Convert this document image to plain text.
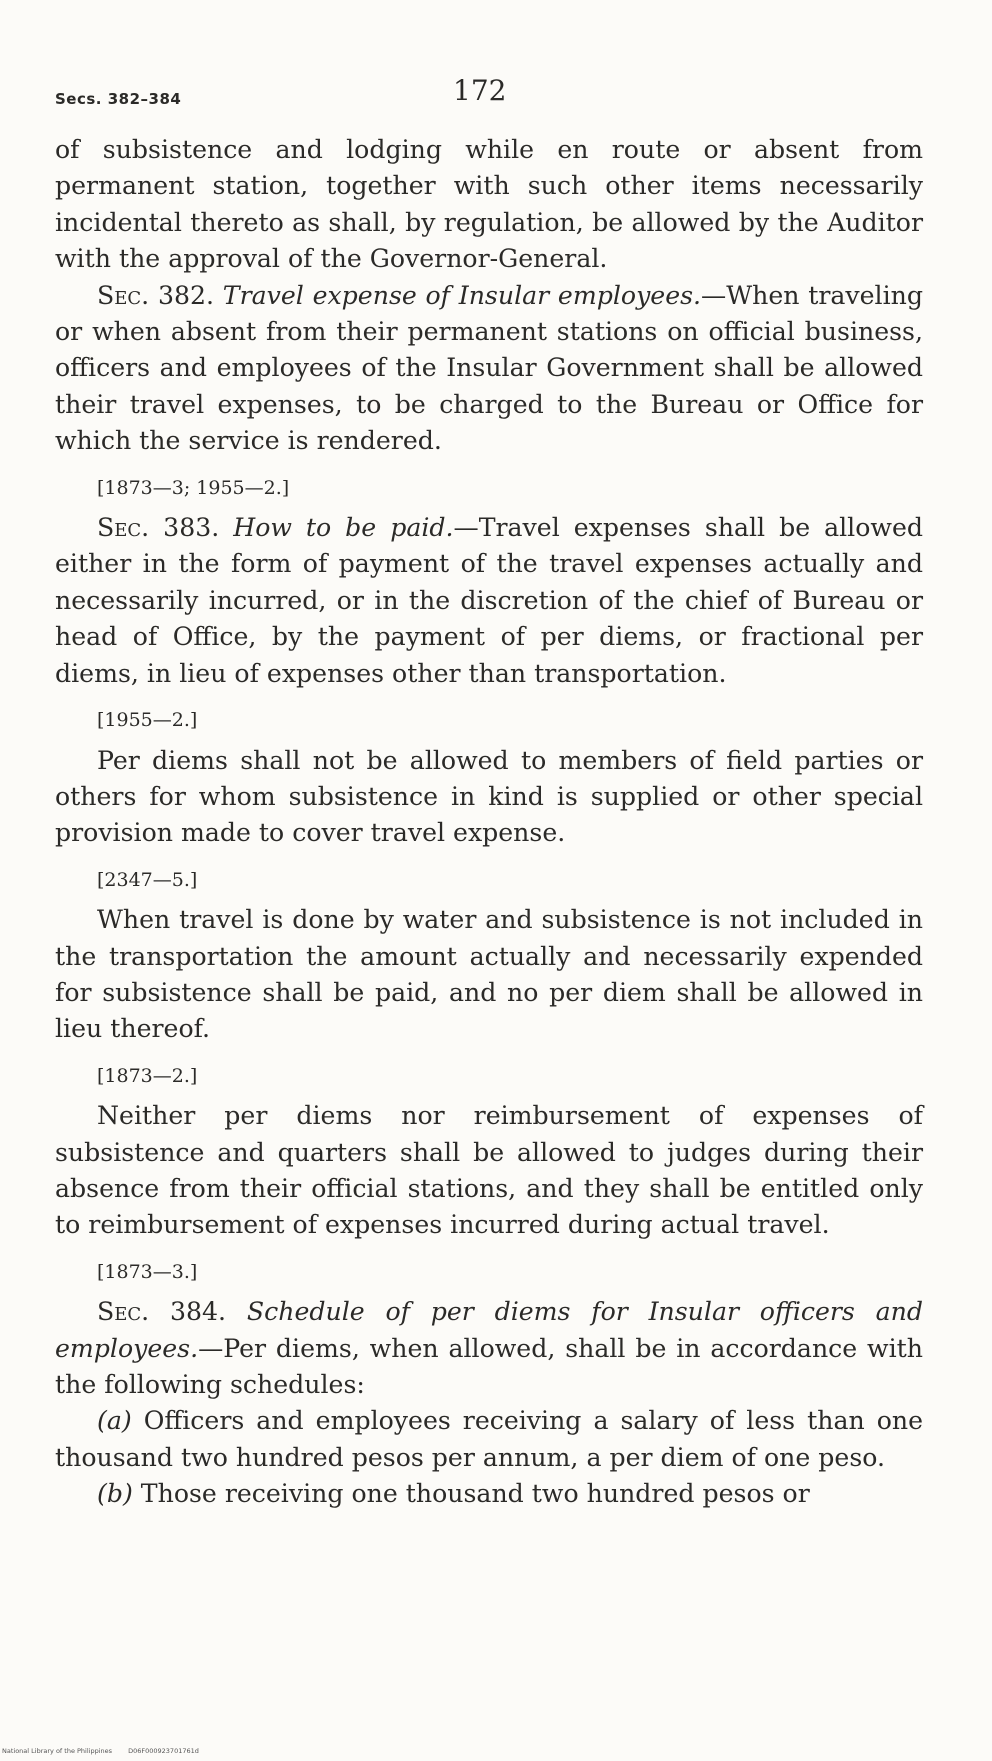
Secs. 382–384	172

of subsistence and lodging while en route or absent from permanent station, together with such other items necessarily incidental thereto as shall, by regulation, be allowed by the Auditor with the approval of the Governor-General.

Sec. 382. Travel expense of Insular employees.—When traveling or when absent from their permanent stations on official business, officers and employees of the Insular Government shall be allowed their travel expenses, to be charged to the Bureau or Office for which the service is rendered.

[1873—3; 1955—2.]

Sec. 383. How to be paid.—Travel expenses shall be allowed either in the form of payment of the travel expenses actually and necessarily incurred, or in the discretion of the chief of Bureau or head of Office, by the payment of per diems, or fractional per diems, in lieu of expenses other than transportation.

[1955—2.]

Per diems shall not be allowed to members of field parties or others for whom subsistence in kind is supplied or other special provision made to cover travel expense.

[2347—5.]

When travel is done by water and subsistence is not included in the transportation the amount actually and necessarily expended for subsistence shall be paid, and no per diem shall be allowed in lieu thereof.

[1873—2.]

Neither per diems nor reimbursement of expenses of subsistence and quarters shall be allowed to judges during their absence from their official stations, and they shall be entitled only to reimbursement of expenses incurred during actual travel.

[1873—3.]

Sec. 384. Schedule of per diems for Insular officers and employees.—Per diems, when allowed, shall be in accordance with the following schedules:

(a) Officers and employees receiving a salary of less than one thousand two hundred pesos per annum, a per diem of one peso.

(b) Those receiving one thousand two hundred pesos or

National Library of the Philippines D06F000923701761d
